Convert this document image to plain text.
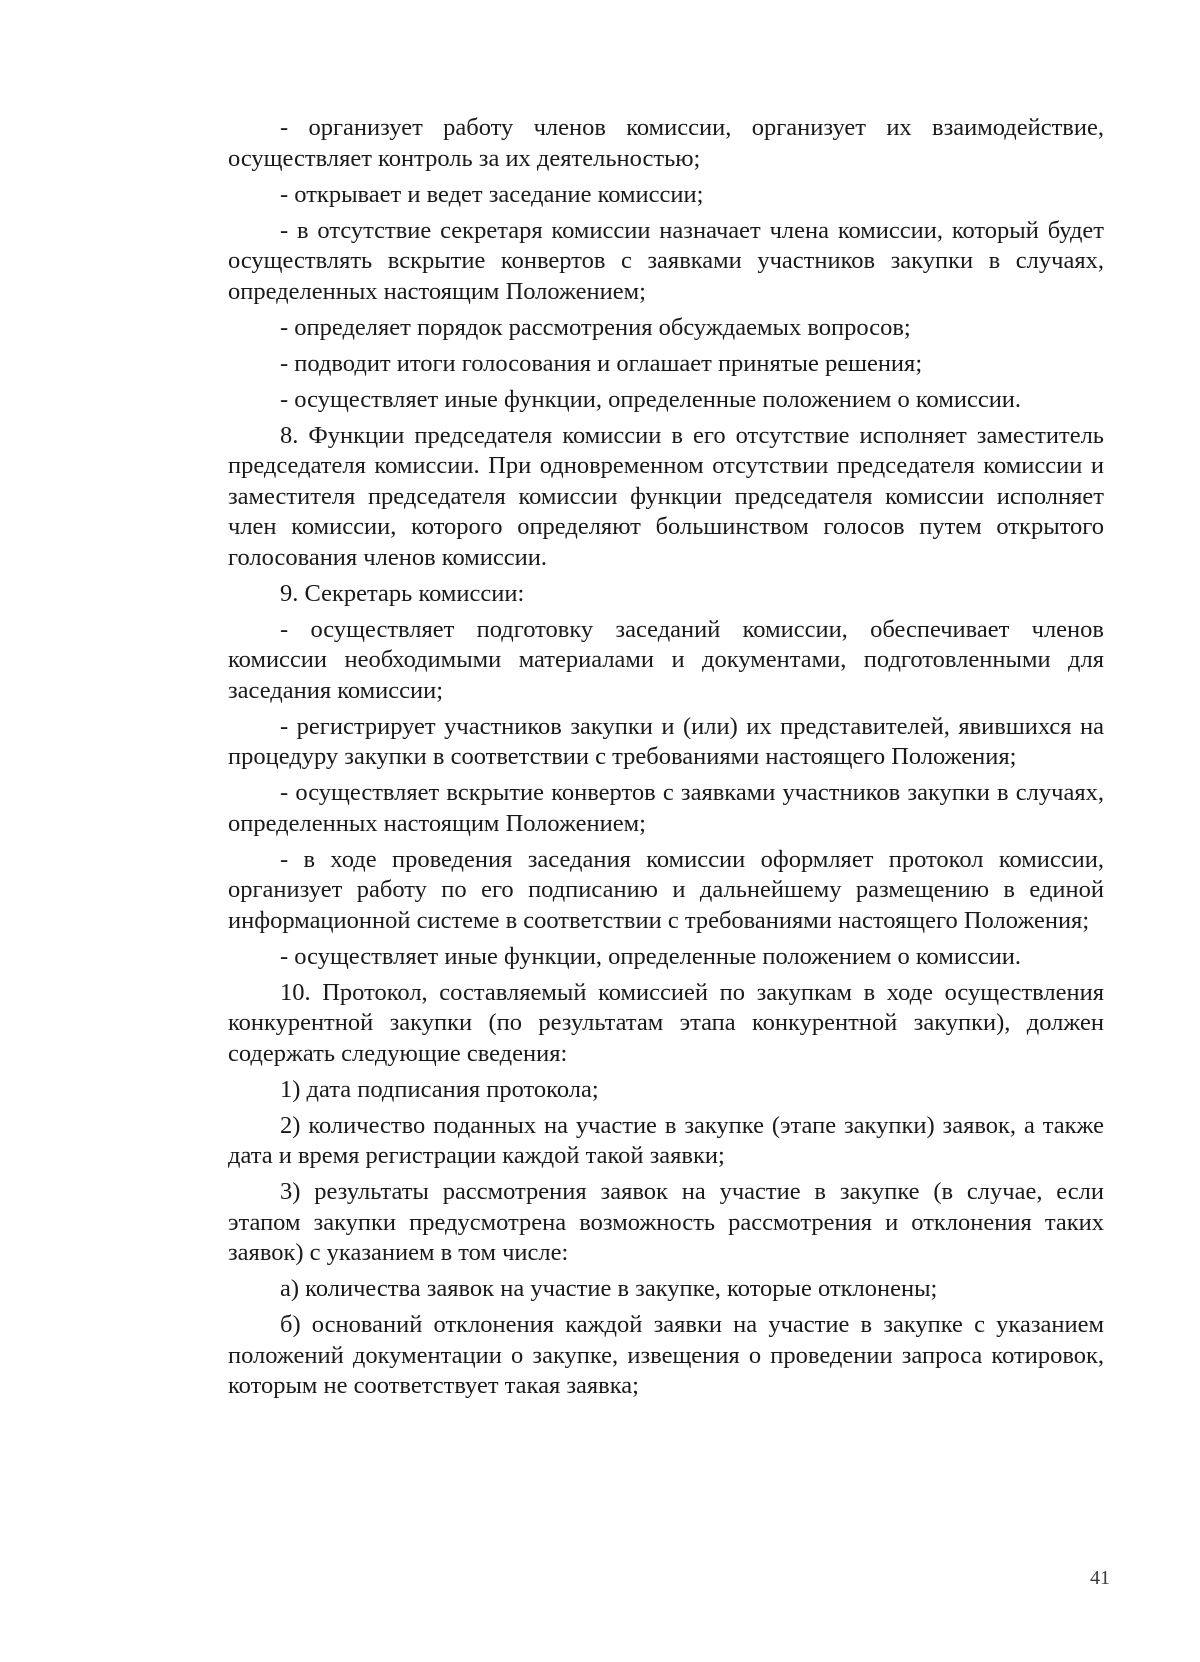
- организует работу членов комиссии, организует их взаимодействие, осуществляет контроль за их деятельностью;

- открывает и ведет заседание комиссии;

- в отсутствие секретаря комиссии назначает члена комиссии, который будет осуществлять вскрытие конвертов с заявками участников закупки в случаях, определенных настоящим Положением;

- определяет порядок рассмотрения обсуждаемых вопросов;

- подводит итоги голосования и оглашает принятые решения;

- осуществляет иные функции, определенные положением о комиссии.

8. Функции председателя комиссии в его отсутствие исполняет заместитель председателя комиссии. При одновременном отсутствии председателя комиссии и заместителя председателя комиссии функции председателя комиссии исполняет член комиссии, которого определяют большинством голосов путем открытого голосования членов комиссии.

9. Секретарь комиссии:

- осуществляет подготовку заседаний комиссии, обеспечивает членов комиссии необходимыми материалами и документами, подготовленными для заседания комиссии;

- регистрирует участников закупки и (или) их представителей, явившихся на процедуру закупки в соответствии с требованиями настоящего Положения;

- осуществляет вскрытие конвертов с заявками участников закупки в случаях, определенных настоящим Положением;

- в ходе проведения заседания комиссии оформляет протокол комиссии, организует работу по его подписанию и дальнейшему размещению в единой информационной системе в соответствии с требованиями настоящего Положения;

- осуществляет иные функции, определенные положением о комиссии.

10. Протокол, составляемый комиссией по закупкам в ходе осуществления конкурентной закупки (по результатам этапа конкурентной закупки), должен содержать следующие сведения:

1) дата подписания протокола;

2) количество поданных на участие в закупке (этапе закупки) заявок, а также дата и время регистрации каждой такой заявки;

3) результаты рассмотрения заявок на участие в закупке (в случае, если этапом закупки предусмотрена возможность рассмотрения и отклонения таких заявок) с указанием в том числе:

а) количества заявок на участие в закупке, которые отклонены;

б) оснований отклонения каждой заявки на участие в закупке с указанием положений документации о закупке, извещения о проведении запроса котировок, которым не соответствует такая заявка;

41
